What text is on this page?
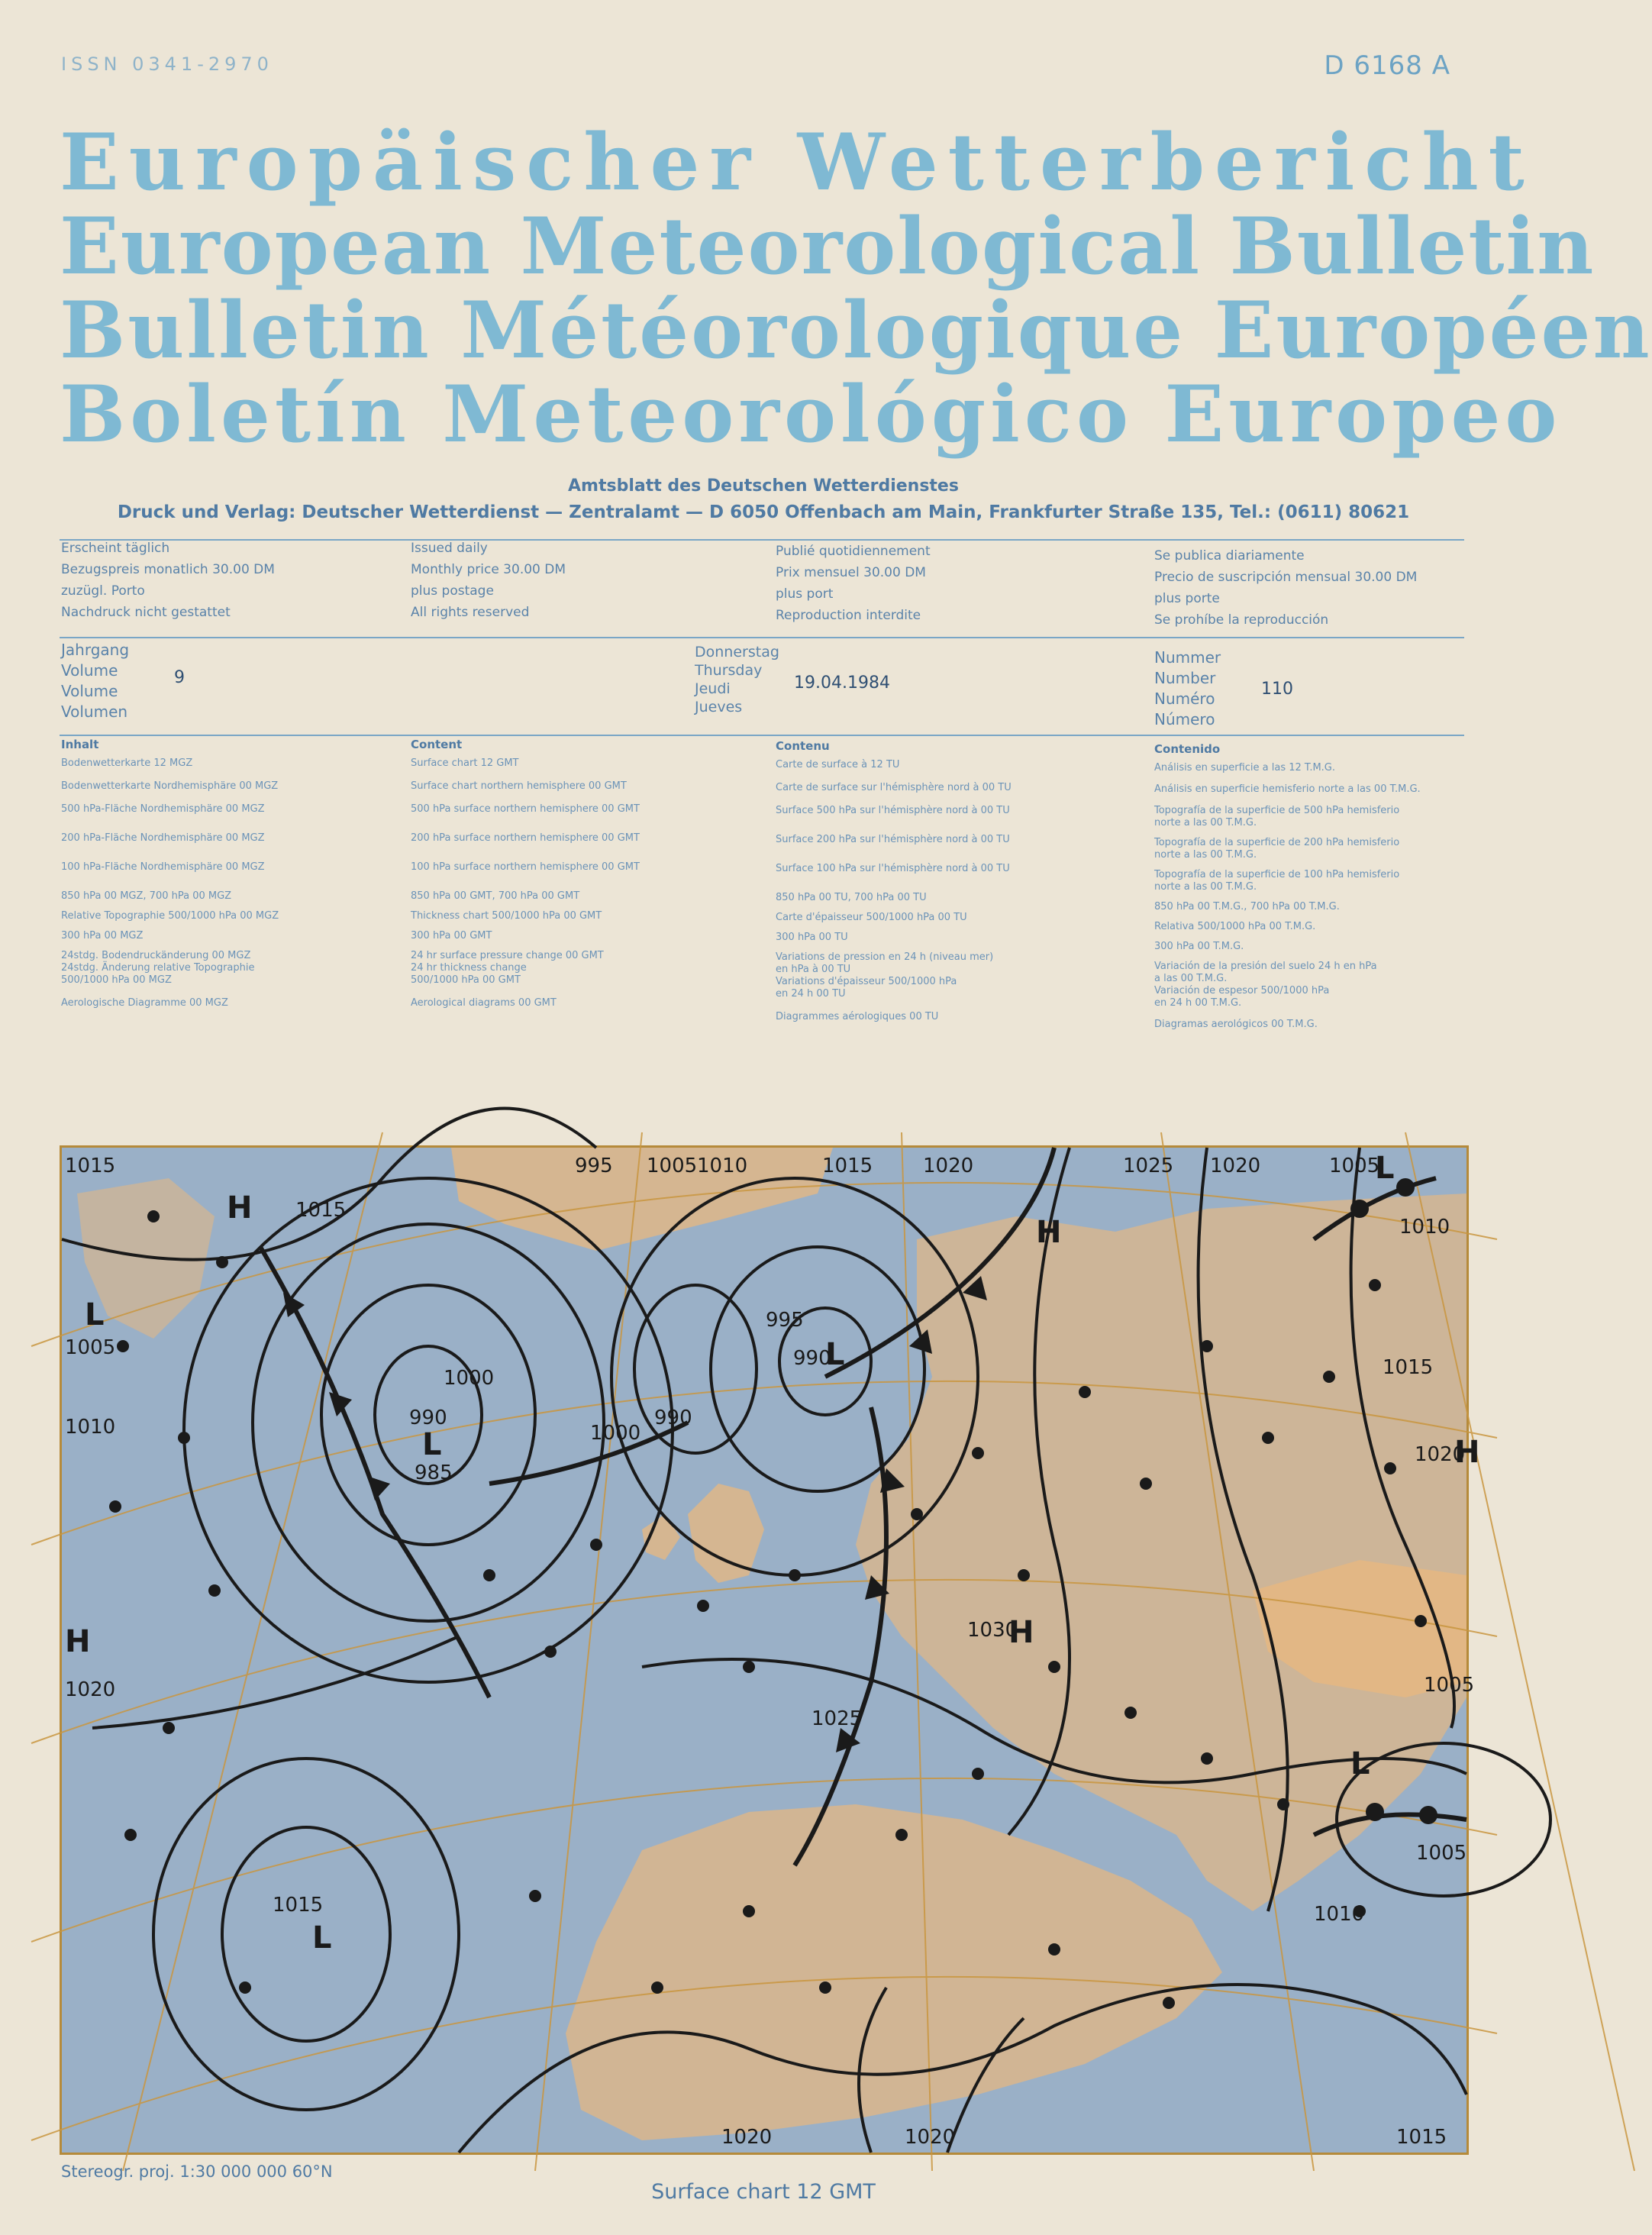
ISSN 0341-2970	D 6168 A
Europäischer Wetterbericht
European Meteorological Bulletin
Bulletin Météorologique Européen
Boletín Meteorológico Europeo
Amtsblatt des Deutschen Wetterdienstes
Druck und Verlag: Deutscher Wetterdienst — Zentralamt — D 6050 Offenbach am Main, Frankfurter Straße 135, Tel.: (0611) 80621
Erscheint täglich
Bezugspreis monatlich 30.00 DM
zuzügl. Porto
Nachdruck nicht gestattet
Issued daily
Monthly price 30.00 DM
plus postage
All rights reserved
Publié quotidiennement
Prix mensuel 30.00 DM
plus port
Reproduction interdite
Se publica diariamente
Precio de suscripción mensual 30.00 DM
plus porte
Se prohíbe la reproducción
Jahrgang
Volume
Volume
Volumen
9
Donnerstag
Thursday
Jeudi
Jueves
19.04.1984
Nummer
Number
Numéro
Número
110
Inhalt
Bodenwetterkarte 12 MGZ
Bodenwetterkarte Nordhemisphäre 00 MGZ
500 hPa-Fläche Nordhemisphäre 00 MGZ
200 hPa-Fläche Nordhemisphäre 00 MGZ
100 hPa-Fläche Nordhemisphäre 00 MGZ
850 hPa 00 MGZ, 700 hPa 00 MGZ
Relative Topographie 500/1000 hPa 00 MGZ
300 hPa 00 MGZ
24stdg. Bodendruckänderung 00 MGZ
24stdg. Änderung relative Topographie
500/1000 hPa 00 MGZ
Aerologische Diagramme 00 MGZ
Content
Surface chart 12 GMT
Surface chart northern hemisphere 00 GMT
500 hPa surface northern hemisphere 00 GMT
200 hPa surface northern hemisphere 00 GMT
100 hPa surface northern hemisphere 00 GMT
850 hPa 00 GMT, 700 hPa 00 GMT
Thickness chart 500/1000 hPa 00 GMT
300 hPa 00 GMT
24 hr surface pressure change 00 GMT
24 hr thickness change
500/1000 hPa 00 GMT
Aerological diagrams 00 GMT
Contenu
Carte de surface à 12 TU
Carte de surface sur l'hémisphère nord à 00 TU
Surface 500 hPa sur l'hémisphère nord à 00 TU
Surface 200 hPa sur l'hémisphère nord à 00 TU
Surface 100 hPa sur l'hémisphère nord à 00 TU
850 hPa 00 TU, 700 hPa 00 TU
Carte d'épaisseur 500/1000 hPa 00 TU
300 hPa 00 TU
Variations de pression en 24 h (niveau mer)
en hPa à 00 TU
Variations d'épaisseur 500/1000 hPa
en 24 h 00 TU
Diagrammes aérologiques 00 TU
Contenido
Análisis en superficie a las 12 T.M.G.
Análisis en superficie hemisferio norte a las 00 T.M.G.
Topografía de la superficie de 500 hPa hemisferio
norte a las 00 T.M.G.
Topografía de la superficie de 200 hPa hemisferio
norte a las 00 T.M.G.
Topografía de la superficie de 100 hPa hemisferio
norte a las 00 T.M.G.
850 hPa 00 T.M.G., 700 hPa 00 T.M.G.
Relativa 500/1000 hPa 00 T.M.G.
300 hPa 00 T.M.G.
Variación de la presión del suelo 24 h en hPa
a las 00 T.M.G.
Variación de espesor 500/1000 hPa
en 24 h 00 T.M.G.
Diagramas aerológicos 00 T.M.G.
1015
1005
995 1005 1010	1015	1020	1025 1020	1005
1000
990
985
1000
990
995
990
1030
1025
1015
1020
1005
1010
1010
1015
1020
1020	1015
1005
1010
1015
1020
H
H
H
H
H
L
L
L
L
L
L
Stereogr. proj. 1:30 000 000 60°N
Surface chart 12 GMT
